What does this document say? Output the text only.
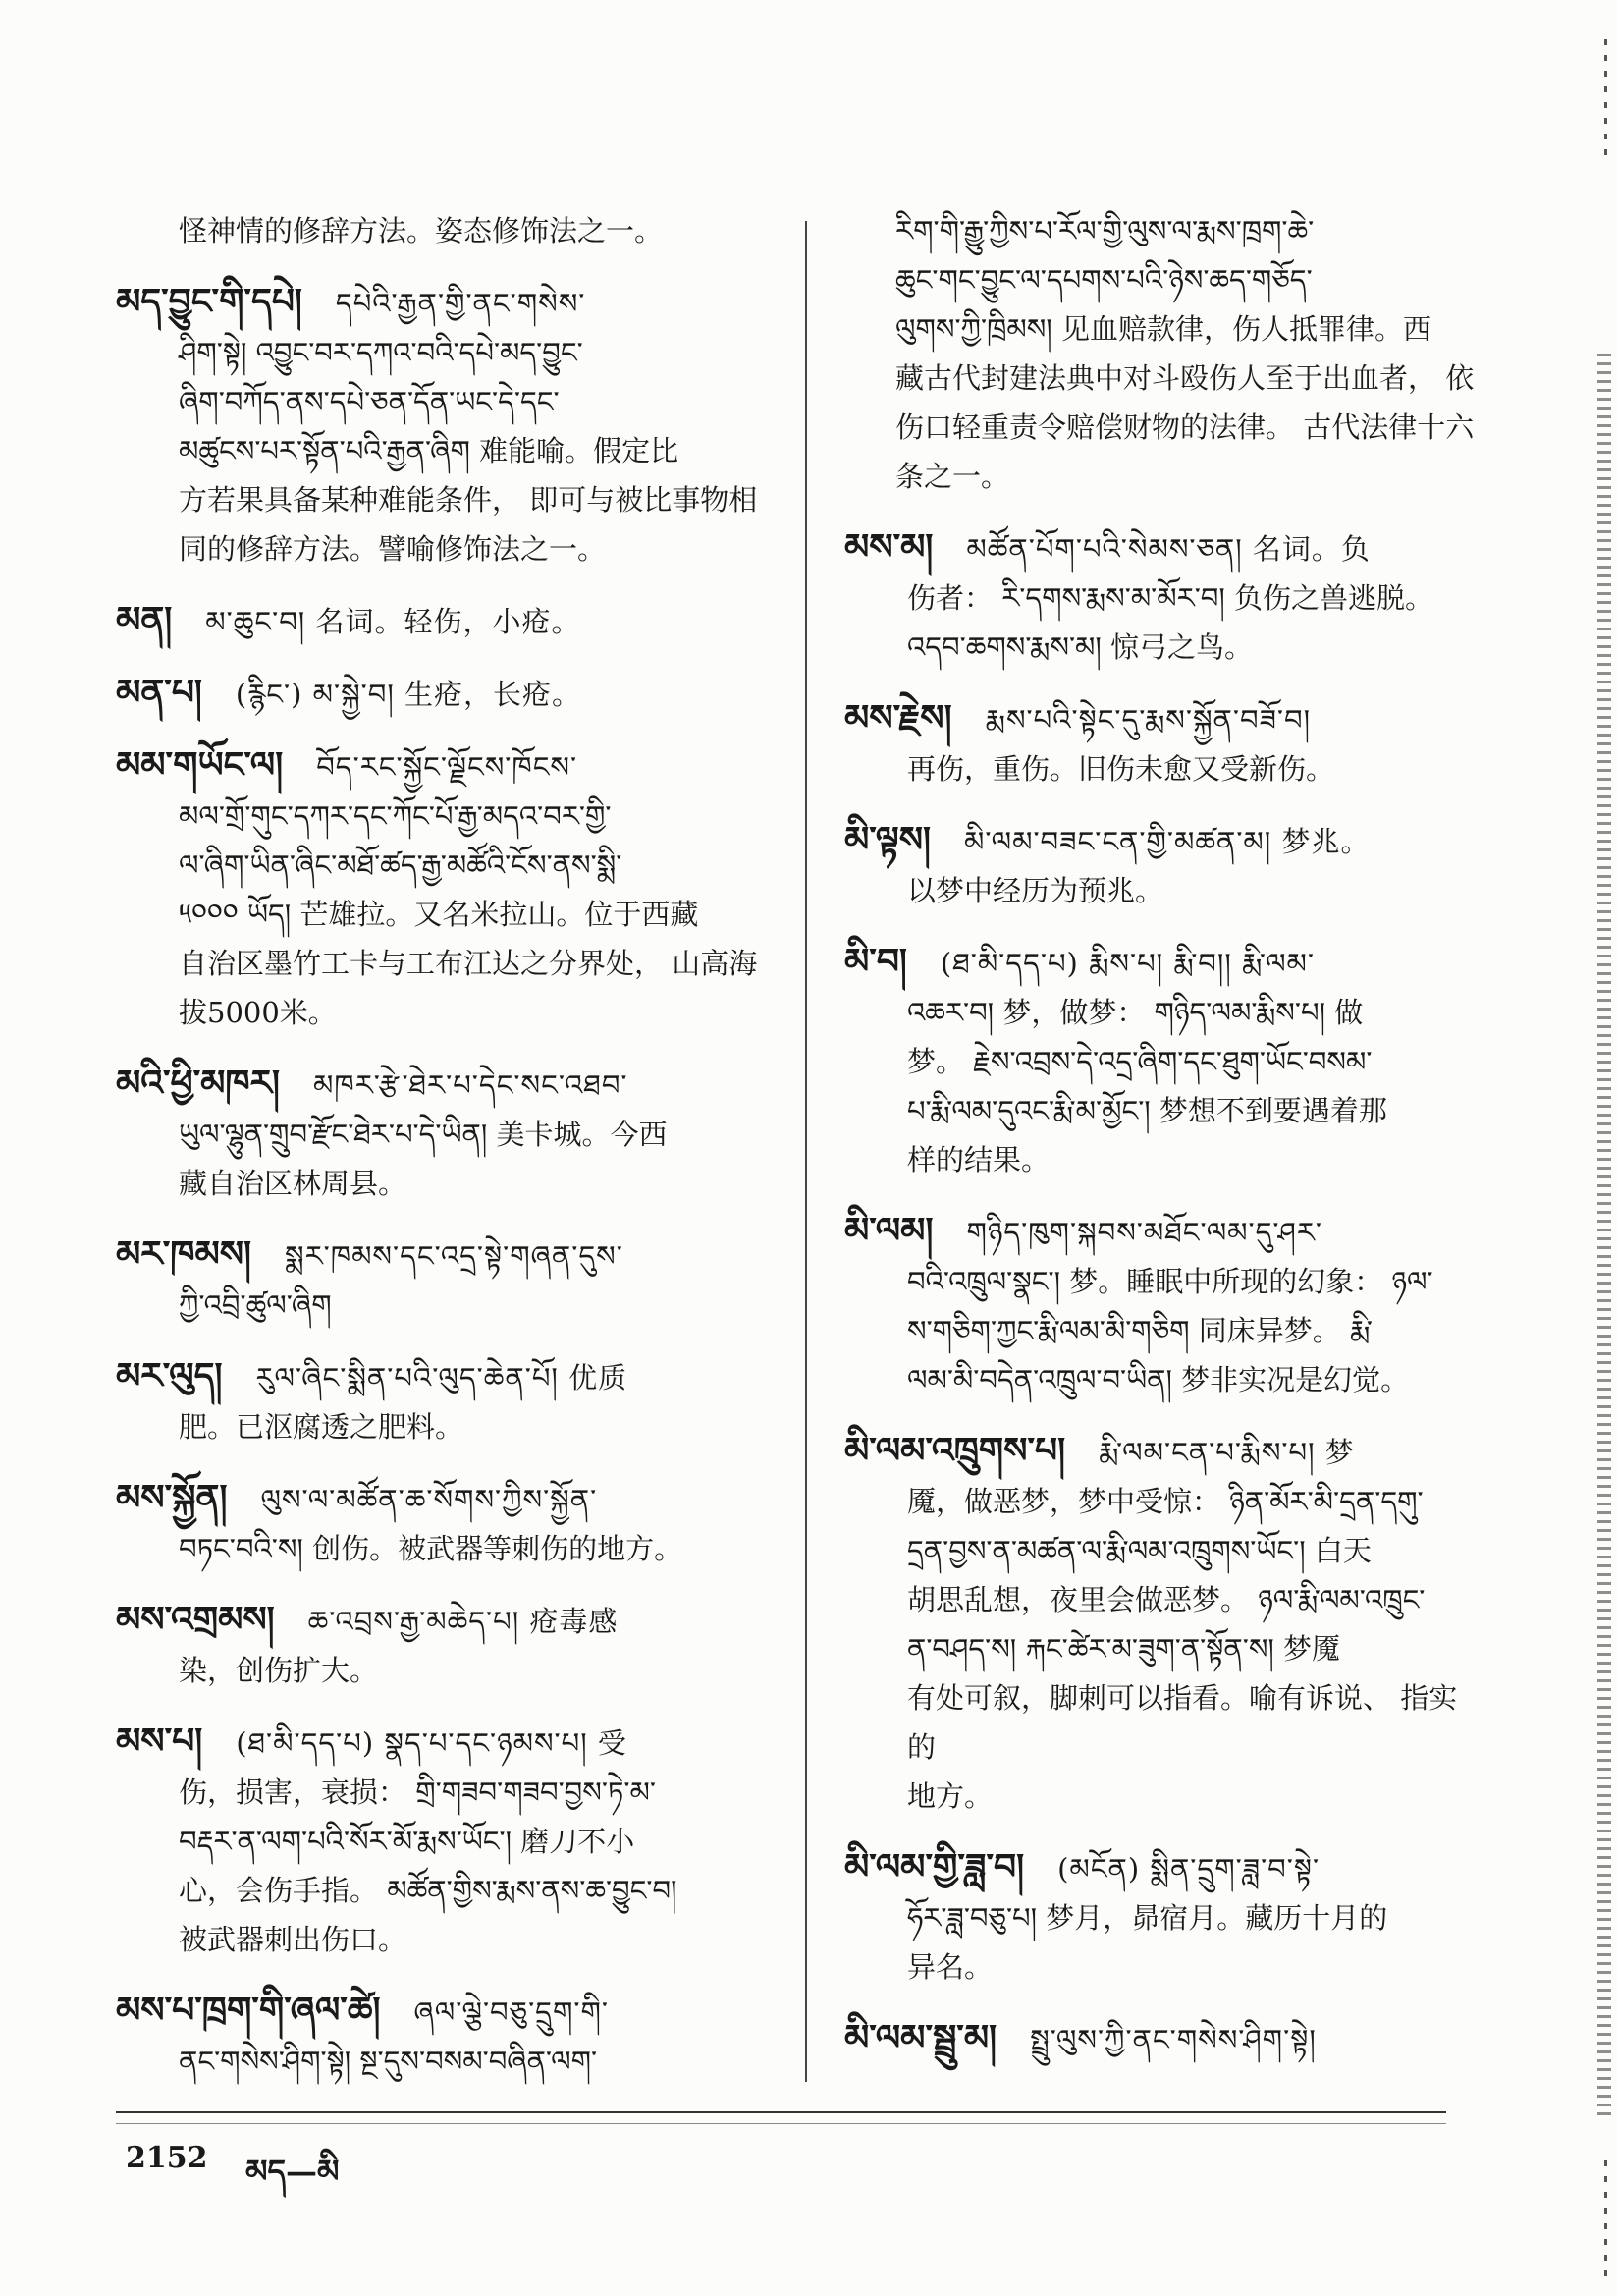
怪神情的修辞方法。姿态修饰法之一。
མད་བྱུང་གི་དཔེ། དཔེའི་རྒྱན་གྱི་ནང་གསེས་
ཤིག་སྟེ། འབྱུང་བར་དཀའ་བའི་དཔེ་མད་བྱུང་
ཞིག་བཀོད་ནས་དཔེ་ཅན་དོན་ཡང་དེ་དང་
མཚུངས་པར་སྟོན་པའི་རྒྱན་ཞིག 难能喻。假定比
方若果具备某种难能条件， 即可与被比事物相
同的修辞方法。譬喻修饰法之一。
མན། མ་ཆུང་བ། 名词。轻伤，小疮。
མན་པ། (རྙིང་) མ་སྐྱེ་བ། 生疮，长疮。
མམ་གཡོང་ལ། བོད་རང་སྐྱོང་ལྗོངས་ཁོངས་
མལ་གྲོ་གུང་དཀར་དང་ཀོང་པོ་རྒྱ་མདའ་བར་གྱི་
ལ་ཞིག་ཡིན་ཞིང་མཐོ་ཚད་རྒྱ་མཚོའི་ངོས་ནས་སྨི་
༥༠༠༠ ཡོད། 芒雄拉。又名米拉山。位于西藏
自治区墨竹工卡与工布江达之分界处， 山高海
拔5000米。
མའི་ཕྱི་མཁར། མཁར་རྩེ་ཐེར་པ་དེང་སང་འཐབ་
ཡུལ་ལྷུན་གྲུབ་རྫོང་ཐེར་པ་དེ་ཡིན། 美卡城。今西
藏自治区林周县。
མར་ཁམས། སྨར་ཁམས་དང་འདྲ་སྟེ་གཞན་དུས་
ཀྱི་འབྲི་ཚུལ་ཞིག
མར་ལུད། རུལ་ཞིང་སྨིན་པའི་ལུད་ཆེན་པོ། 优质
肥。已沤腐透之肥料。
མས་སྐྱོན། ལུས་ལ་མཚོན་ཆ་སོགས་ཀྱིས་སྐྱོན་
བཏང་བའི་ས། 创伤。被武器等刺伤的地方。
མས་འགྲམས། ཆ་འབྲས་རྒྱ་མཆེད་པ། 疮毒感
染，创伤扩大。
མས་པ། (ཐ་མི་དད་པ) སྣད་པ་དང་ཉམས་པ། 受
伤，损害，衰损： གྲི་གཟབ་གཟབ་བྱས་ཏེ་མ་
བརྡར་ན་ལག་པའི་སོར་མོ་རྨས་ཡོང་། 磨刀不小
心，会伤手指。 མཚོན་གྱིས་རྨས་ནས་ཆ་བྱུང་བ།
被武器刺出伤口。
མས་པ་ཁྲག་གི་ཞལ་ཚེ། ཞལ་ལྕེ་བཅུ་དྲུག་གི་
ནང་གསེས་ཤིག་སྟེ། སྔ་དུས་བསམ་བཞིན་ལག་
རིག་གི་རྒྱུ་ཀྱིས་པ་རོལ་གྱི་ལུས་ལ་རྨས་ཁྲག་ཆེ་
ཆུང་གང་བྱུང་ལ་དཔགས་པའི་ཉེས་ཆད་གཅོད་
ལུགས་ཀྱི་ཁྲིམས། 见血赔款律，伤人抵罪律。西
藏古代封建法典中对斗殴伤人至于出血者， 依
伤口轻重责令赔偿财物的法律。 古代法律十六
条之一。
མས་མ། མཚོན་པོག་པའི་སེམས་ཅན། 名词。负
伤者： རི་དགས་རྨས་མ་མོར་བ། 负伤之兽逃脱。
འདབ་ཆགས་རྨས་མ། 惊弓之鸟。
མས་རྗེས། རྨས་པའི་སྟེང་དུ་རྨས་སྐྱོན་བཟོ་བ།
再伤，重伤。旧伤未愈又受新伤。
མི་ལྟས། མི་ལམ་བཟང་ངན་གྱི་མཚན་མ། 梦兆。
以梦中经历为预兆。
མི་བ། (ཐ་མི་དད་པ) རྨིས་པ། རྨི་བ།། རྨི་ལམ་
འཆར་བ། 梦，做梦： གཉིད་ལམ་རྨིས་པ། 做
梦。 རྗེས་འབྲས་དེ་འདྲ་ཞིག་དང་ཐུག་ཡོང་བསམ་
པ་རྨི་ལམ་དུའང་རྨི་མ་མྱོང་། 梦想不到要遇着那
样的结果。
མི་ལམ། གཉིད་ཁུག་སྐབས་མཐོང་ལམ་དུ་ཤར་
བའི་འཁྲུལ་སྣང་། 梦。睡眠中所现的幻象： ཉལ་
ས་གཅིག་ཀྱང་རྨི་ལམ་མི་གཅིག 同床异梦。 རྨི་
ལམ་མི་བདེན་འཁྲུལ་བ་ཡིན། 梦非实况是幻觉。
མི་ལམ་འཁྲུགས་པ། རྨི་ལམ་ངན་པ་རྨིས་པ། 梦
魇，做恶梦，梦中受惊： ཉིན་མོར་མི་དྲན་དགུ་
དྲན་བྱས་ན་མཚན་ལ་རྨི་ལམ་འཁྲུགས་ཡོང་། 白天
胡思乱想，夜里会做恶梦。 ཉལ་རྨི་ལམ་འཁྲུང་
ན་བཤད་ས། རྐང་ཚེར་མ་ཟུག་ན་སྟོན་ས། 梦魇
有处可叙，脚刺可以指看。喻有诉说、 指实的
地方。
མི་ལམ་གྱི་ཟླ་བ། (མངོན) སྨིན་དྲུག་ཟླ་བ་སྟེ་
ཧོར་ཟླ་བཅུ་པ། 梦月，昴宿月。藏历十月的
异名。
མི་ལམ་སྦྲུ་མ། སྤྲུ་ལུས་ཀྱི་ནང་གསེས་ཤིག་སྟེ།
2152 མད—མི
